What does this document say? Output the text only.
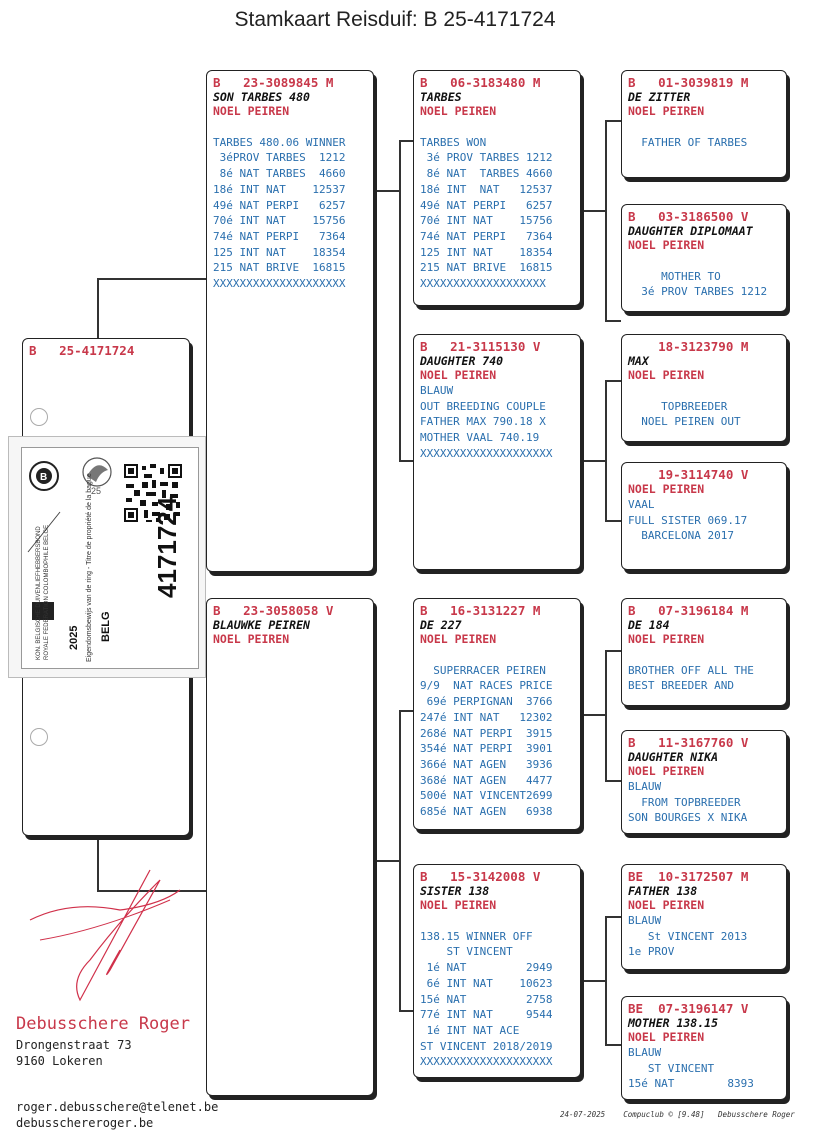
Stamkaart Reisduif: B 25-4171724
B   25-4171724
B   23-3089845 M
SON TARBES 480
NOEL PEIREN

TARBES 480.06 WINNER
3éPROV TARBES  1212
8é NAT TARBES  4660
18é INT NAT    12537
49é NAT PERPI   6257
70é INT NAT    15756
74é NAT PERPI   7364
125 INT NAT    18354
215 NAT BRIVE  16815
XXXXXXXXXXXXXXXXXXXX
B   23-3058058 V
BLAUWKE PEIREN
NOEL PEIREN
B   06-3183480 M
TARBES
NOEL PEIREN

TARBES WON
3é PROV TARBES 1212
8é NAT  TARBES 4660
18é INT  NAT   12537
49é NAT PERPI   6257
70é INT NAT    15756
74é NAT PERPI   7364
125 INT NAT    18354
215 NAT BRIVE  16815
XXXXXXXXXXXXXXXXXXX
B   21-3115130 V
DAUGHTER 740
NOEL PEIREN
BLAUW
OUT BREEDING COUPLE
FATHER MAX 790.18 X
MOTHER VAAL 740.19
XXXXXXXXXXXXXXXXXXXX
B   16-3131227 M
DE 227
NOEL PEIREN

SUPERRACER PEIREN
9/9  NAT RACES PRICE
69é PERPIGNAN  3766
247é INT NAT   12302
268é NAT PERPI  3915
354é NAT PERPI  3901
366é NAT AGEN   3936
368é NAT AGEN   4477
500é NAT VINCENT2699
685é NAT AGEN   6938
B   15-3142008 V
SISTER 138
NOEL PEIREN

138.15 WINNER OFF
ST VINCENT
1é NAT         2949
6é INT NAT    10623
15é NAT         2758
77é INT NAT     9544
1é INT NAT ACE
ST VINCENT 2018/2019
XXXXXXXXXXXXXXXXXXXX
B   01-3039819 M
DE ZITTER
NOEL PEIREN

FATHER OF TARBES
B   03-3186500 V
DAUGHTER DIPLOMAAT
NOEL PEIREN

MOTHER TO
3é PROV TARBES 1212
18-3123790 M
MAX
NOEL PEIREN

TOPBREEDER
NOEL PEIREN OUT
19-3114740 V
NOEL PEIREN
VAAL
FULL SISTER 069.17
BARCELONA 2017
B   07-3196184 M
DE 184
NOEL PEIREN

BROTHER OFF ALL THE
BEST BREEDER AND
B   11-3167760 V
DAUGHTER NIKA
NOEL PEIREN
BLAUW
FROM TOPBREEDER
SON BOURGES X NIKA
BE  10-3172507 M
FATHER 138
NOEL PEIREN
BLAUW
St VINCENT 2013
1e PROV
BE  07-3196147 V
MOTHER 138.15
NOEL PEIREN
BLAUW
ST VINCENT
15é NAT        8393
B
25
KON. BELGISCHE DUIVENLIEFHEBBERSBOND ROYALE FEDERATION COLOMBOPHILE BELGE 2025 BELG
Eigendomsbewijs van de ring - Titre de propriété de la bague 4171724
Debusschere Roger
Drongenstraat 73
9160 Lokeren
roger.debusschere@telenet.be
debusschereroger.be
24-07-2025    Compuclub © [9.48]   Debusschere Roger
